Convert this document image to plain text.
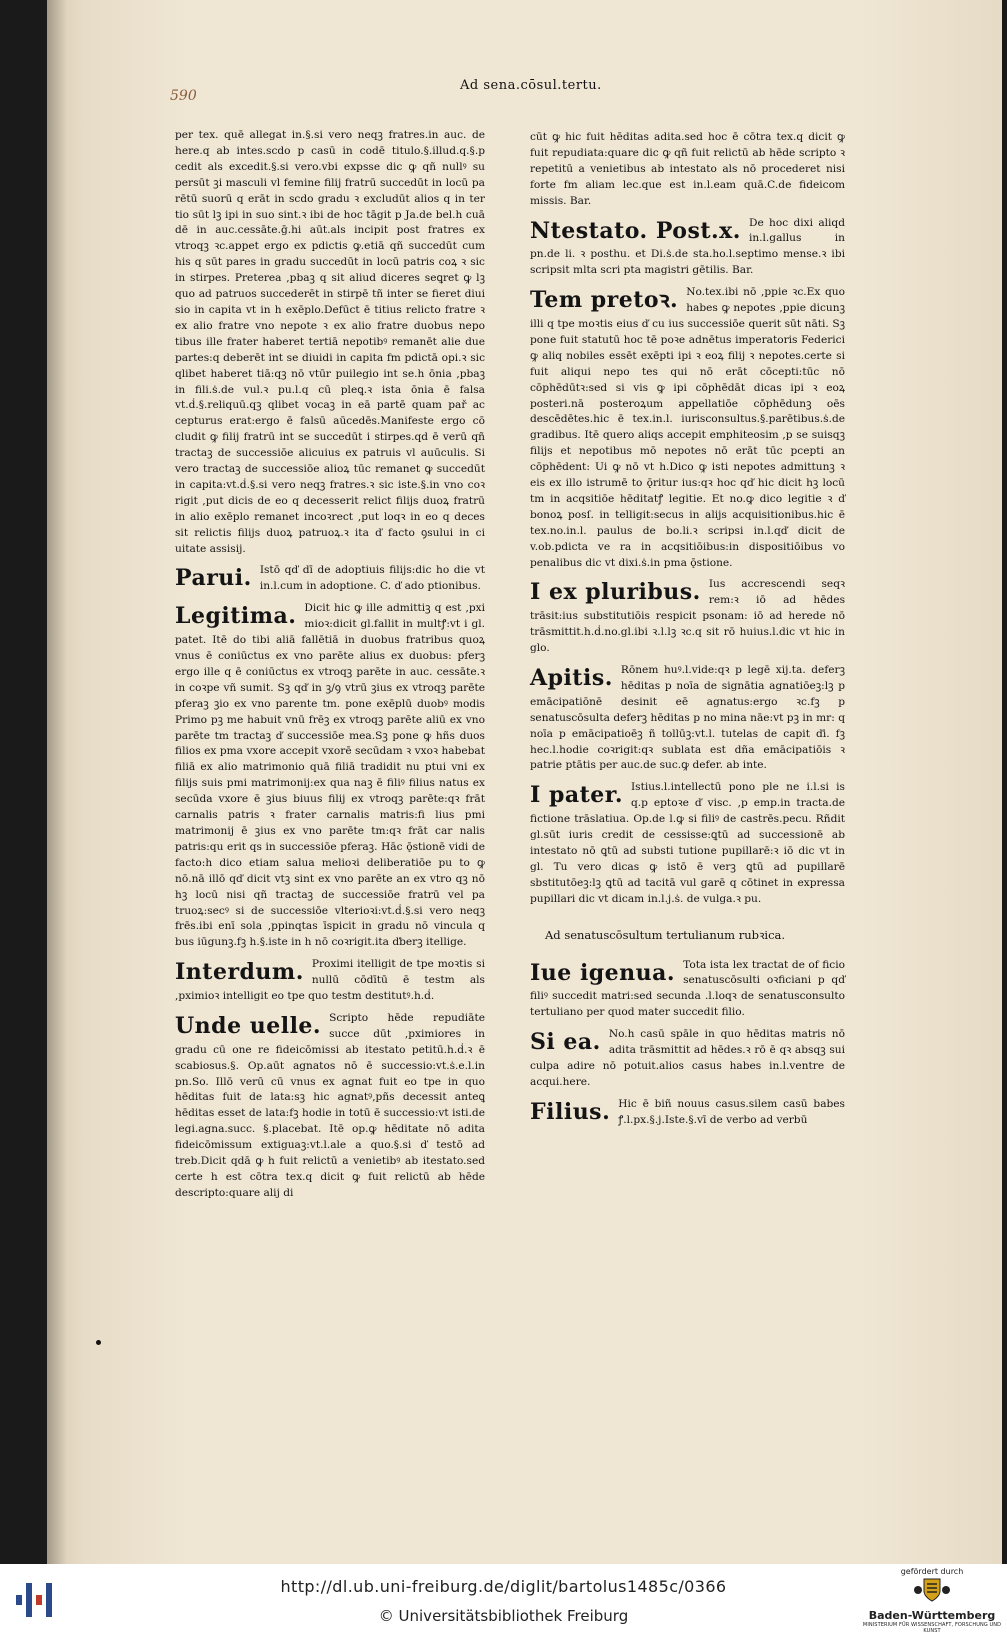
590
Ad sena.cōsul.tertu.

per tex. quē allegat in.§.si vero neqꝫ fratres.in auc. de here.q ab intes.scdo p casū in codē titulo.§.illud.q.§.p cedit als excedit.§.si vero.vbi expsse dic ꝙ qñ nullꝰ su persūt ꝫi masculi vl femine filij fratrū succedūt in locū pa rētū suorū q erāt in scdo gradu ꝛ excludūt alios q in ter tio sūt lꝫ ipi in suo sint.ꝛ ibi de hoc tāgit p Ja.de bel.h cuā dē in auc.cessāte.ḡ.hi aūt.als incipit post fratres ex vtroqꝫ ꝛc.appet ergo ex pdictis ꝙ.etiā qñ succedūt cum his q sūt pares in gradu succedūt in locū patris coꝝ ꝛ sic in stirpes. Preterea ,pbaꝫ q sit aliud diceres seꝗret ꝙ lꝫ quo ad patruos succederēt in stirpē tñ inter se fieret diui sio in capita vt in h exēplo.Defūct ē titius relicto fratre ꝛ ex alio fratre vno nepote ꝛ ex alio fratre duobus nepo tibus ille frater haberet tertiā nepotibꝰ remanēt alie due partes:q deberēt int se diuidi in capita fm pdictā opi.ꝛ sic qlibet haberet tiā:qꝫ nō vtūr puilegio int se.h ōnia ,pbaꝫ in fili.ṡ.de vul.ꝛ pu.l.q cū pleꝗ.ꝛ ista ōnia ē falsa vt.ḋ.§.reliquū.qꝫ qlibet vocaꝫ in eā partē quam pař ac cepturus erat:ergo ē falsū aūcedēs.Manifeste ergo cō cludit ꝙ filij fratrū int se succedūt i stirpes.qd ē verū qñ tractaꝫ de successiōe alicuius ex patruis vl auūculis. Si vero tractaꝫ de successiōe alioꝝ tūc remanet ꝙ succedūt in capita:vt.ḋ.§.si vero neqꝫ fratres.ꝛ sic iste.§.in vno coꝛ rigit ,put dicis de eo q decesserit relict filijs duoꝝ fratrū in alio exēplo remanet incoꝛrect ,put loqꝛ in eo q deces sit relictis filijs duoꝝ patruoꝝ.ꝛ ita ď facto ꝯsului in ci uitate assisij.

Parui. Istō qď dī de adoptiuis filijs:dic ho die vt in.l.cum in adoptione. C. ď ado ptionibus.

Legitima. Dicit hic ꝙ ille admittiꝫ q est ,pxi mioꝛ:dicit gl.fallit in multꝭ:vt i gl. patet. Itē do tibi aliā fallētiā in duobus fratribus quoꝝ vnus ē coniūctus ex vno parēte alius ex duobus: pferꝫ ergo ille q ē coniūctus ex vtroqꝫ parēte in auc. cessāte.ꝛ in coꝛpe vñ sumit. Sꝫ qď in ꝫ/ꝯ vtrū ꝫius ex vtroqꝫ parēte pferaꝫ ꝫio ex vno parente tm. pone exēplū duobꝰ modis Primo pꝫ me habuit vnū frēꝫ ex vtroqꝫ parēte aliū ex vno parēte tm tractaꝫ ď successiōe mea.Sꝫ pone ꝙ hñs duos filios ex pma vxore accepit vxorē secūdam ꝛ vxoꝛ habebat filiā ex alio matrimonio quā filiā tradidit nu ptui vni ex filijs suis pmi matrimonij:ex qua naꝫ ē filiꝰ filius natus ex secūda vxore ē ꝫius biuus filij ex vtroqꝫ parēte:qꝛ frāt carnalis patris ꝛ frater carnalis matris:fi lius pmi matrimonij ē ꝫius ex vno parēte tm:qꝛ frāt car nalis patris:qu erit qs in successiōe pferaꝫ. Hāc ǭstionē vidi de facto:h dico etiam salua melioꝛi deliberatiōe pu to ꝙ nō.nā illō qď dicit vtꝫ sint ex vno parēte an ex vtro qꝫ nō hꝫ locū nisi qñ tractaꝫ de successiōe fratrū vel pa truoꝝ:secꝰ si de successiōe vlterioꝛi:vt.ḋ.§.si vero neqꝫ frēs.ibi enī sola ,ppinqtas īspicit in gradu nō vincula q bus iūgunꝫ.fꝫ h.§.iste in h nō coꝛrigit.ita ďberꝫ itellige.

Interdum. Proximi itelligit de tpe moꝛtis si nullū cōdītū ē testm als ,pximioꝛ intelligit eo tpe quo testm destitutꝰ.h.ḋ.

Unde uelle. Scripto hēde repudiāte succe dūt ,pximiores in gradu cū one re fideicōmissi ab itestato petitū.h.ḋ.ꝛ ē scabiosus.§. Op.aūt agnatos nō ē successio:vt.ṡ.e.l.in pn.So. Illō verū cū vnus ex agnat fuit eo tpe in quo hēditas fuit de lata:sꝫ hic agnatꝰ,pñs decessit anteꝗ hēditas esset de lata:fꝫ hodie in totū ē successio:vt isti.de legi.agna.succ. §.placebat. Itē op.ꝙ hēditate nō adita fideicōmissum extiguaꝫ:vt.l.ale a quo.§.si ď testō ad treb.Dicit qdā ꝙ h fuit relictū a venietibꝰ ab itestato.sed certe h est cōtra tex.q dicit ꝙ fuit relictū ab hēde descripto:quare alij di

cūt ꝙ hic fuit hēditas adita.sed hoc ē cōtra tex.q dicit ꝙ fuit repudiata:quare dic ꝙ qñ fuit relictū ab hēde scripto ꝛ repetitū a venietibus ab intestato als nō procederet nisi forte fm aliam lec.que est in.l.eam quā.C.de fideicom missis. Bar.

Ntestato. Post.x. De hoc dixi aliqd in.l.gallus in pn.de li. ꝛ posthu. et Di.ṡ.de sta.ho.l.septimo mense.ꝛ ibi scripsit mlta scri pta magistri gētilis. Bar.

Tem pretoꝛ. No.tex.ibi nō ,ppie ꝛc.Ex quo habes ꝙ nepotes ,ppie dicunꝫ illi q tpe moꝛtis eius ď cu ius successiōe querit sūt nāti. Sꝫ pone fuit statutū hoc tē poꝛe adnētus imperatoris Federici ꝙ aliq nobiles essēt exēpti ipi ꝛ eoꝝ filij ꝛ nepotes.certe si fuit aliqui nepo tes qui nō erāt cōcepti:tūc nō cōphēdūtꝛ:sed si vis ꝙ ipi cōphēdāt dicas ipi ꝛ eoꝝ posteri.nā posteroꝝum appellatiōe cōphēdunꝫ oēs descēdētes.hic ē tex.in.l. iurisconsultus.§.parētibus.ṡ.de gradibus. Itē quero aliqs accepit emphiteosim ,p se suisqꝫ filijs et nepotibus mō nepotes nō erāt tūc pcepti an cōphēdent: Ui ꝙ nō vt h.Dico ꝙ isti nepotes admittunꝫ ꝛ eis ex illo istrumē to ǭritur ius:qꝛ hoc qď hic dicit hꝫ locū tm in acqsitiōe hēditatꝭ legitie. Et no.ꝙ dico legitie ꝛ ď bonoꝝ posſ. in telligit:secus in alijs acquisitionibus.hic ē tex.no.in.l. paulus de bo.li.ꝛ scripsi in.l.qď dicit de v.ob.pdicta ve ra in acqsitiōibus:in dispositiōibus vo penalibus dic vt dixi.ṡ.in pma ǭstione.

I ex pluribus. Ius accrescendi seqꝛ rem:ꝛ iō ad hēdes trāsit:ius substitutiōis respicit psonam: iō ad herede nō trāsmittit.h.ḋ.no.gl.ibi ꝛ.l.lꝫ ꝛc.q sit rō huius.l.dic vt hic in glo.

Apitis. Rōnem huꝰ.l.vide:qꝛ p legē xij.ta. deferꝫ hēditas p noīa de signātia agnatiōeꝫ:lꝫ p emācipatiōnē desinit eē agnatus:ergo ꝛc.fꝫ p senatuscōsulta deferꝫ hēditas p no mina nāe:vt pꝫ in mr: q noīa p emācipatioēꝫ ñ tollūꝫ:vt.l. tutelas de capit ďi. fꝫ hec.l.hodie coꝛrigit:qꝛ sublata est dña emācipatiōis ꝛ patrie ptātis per auc.de suc.ꝙ defer. ab inte.

I pater. Istius.l.intellectū pono ple ne i.l.si is q.p eptoꝛe ď visc. ,p emp.in tracta.de fictione trāslatiua. Op.de l.ꝙ si filiꝰ de castrēs.pecu. Rñdit gl.sūt iuris credit de cessisse:ꝗtū ad successionē ab intestato nō ꝗtū ad substi tutione pupillarē:ꝛ iō dic vt in gl. Tu vero dicas ꝙ istō ē verꝫ ꝗtū ad pupillarē sbstitutōeꝫ:lꝫ ꝗtū ad tacitā vul garē q cōtinet in expressa pupillari dic vt dicam in.l.j.ṡ. de vulga.ꝛ pu.

Ad senatuscōsultum tertulianum rubꝛica.
Iue igenua. Tota ista lex tractat de of ficio senatuscōsulti oꝛficiani p qď filiꝰ succedit matri:sed secunda .l.loqꝛ de senatusconsulto tertuliano per quod mater succedit filio.

Si ea. No.h casū spāle in quo hēditas matris nō adita trāsmittit ad hēdes.ꝛ rō ē qꝛ absqꝫ sui culpa adire nō potuit.alios casus habes in.l.ventre de acqui.here.

Filius. Hic ē biñ nouus casus.silem casū babes ꝭ.l.px.§.j.Iste.§.vī de verbo ad verbū

http://dl.ub.uni-freiburg.de/diglit/bartolus1485c/0366
© Universitätsbibliothek Freiburg
gefördert durch
Baden-Württemberg
MINISTERIUM FÜR WISSENSCHAFT, FORSCHUNG UND KUNST
